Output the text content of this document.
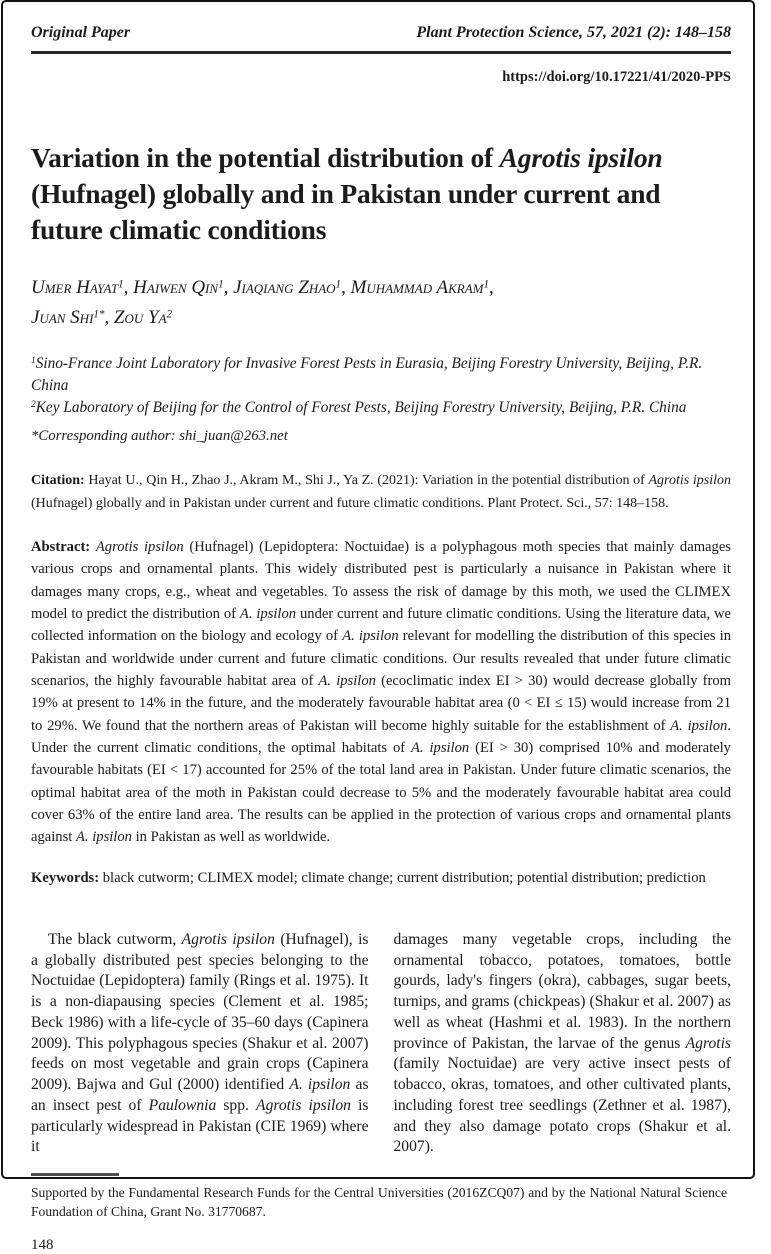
Original Paper	Plant Protection Science, 57, 2021 (2): 148–158
https://doi.org/10.17221/41/2020-PPS
Variation in the potential distribution of Agrotis ipsilon (Hufnagel) globally and in Pakistan under current and future climatic conditions
Umer Hayat$^1$, Haiwen Qin$^1$, Jiaqiang Zhao$^1$, Muhammad Akram$^1$,
Juan Shi$^{1*}$, Zou Ya$^2$

$^1$Sino-France Joint Laboratory for Invasive Forest Pests in Eurasia, Beijing Forestry University, Beijing, P.R. China

$^2$Key Laboratory of Beijing for the Control of Forest Pests, Beijing Forestry University, Beijing, P.R. China

*Corresponding author: shi_juan@263.net
Citation: Hayat U., Qin H., Zhao J., Akram M., Shi J., Ya Z. (2021): Variation in the potential distribution of Agrotis ipsilon (Hufnagel) globally and in Pakistan under current and future climatic conditions. Plant Protect. Sci., 57: 148–158.
Abstract: Agrotis ipsilon (Hufnagel) (Lepidoptera: Noctuidae) is a polyphagous moth species that mainly damages various crops and ornamental plants. This widely distributed pest is particularly a nuisance in Pakistan where it damages many crops, e.g., wheat and vegetables. To assess the risk of damage by this moth, we used the CLIMEX model to predict the distribution of A. ipsilon under current and future climatic conditions. Using the literature data, we collected information on the biology and ecology of A. ipsilon relevant for modelling the distribution of this species in Pakistan and worldwide under current and future climatic conditions. Our results revealed that under future climatic scenarios, the highly favourable habitat area of A. ipsilon (ecoclimatic index EI > 30) would decrease globally from 19% at present to 14% in the future, and the moderately favourable habitat area (0 < EI ≤ 15) would increase from 21 to 29%. We found that the northern areas of Pakistan will become highly suitable for the establishment of A. ipsilon. Under the current climatic conditions, the optimal habitats of A. ipsilon (EI > 30) comprised 10% and moderately favourable habitats (EI < 17) accounted for 25% of the total land area in Pakistan. Under future climatic scenarios, the optimal habitat area of the moth in Pakistan could decrease to 5% and the moderately favourable habitat area could cover 63% of the entire land area. The results can be applied in the protection of various crops and ornamental plants against A. ipsilon in Pakistan as well as worldwide.
Keywords: black cutworm; CLIMEX model; climate change; current distribution; potential distribution; prediction

The black cutworm, Agrotis ipsilon (Hufnagel), is a globally distributed pest species belonging to the Noctuidae (Lepidoptera) family (Rings et al. 1975). It is a non-diapausing species (Clement et al. 1985; Beck 1986) with a life-cycle of 35–60 days (Capinera 2009). This polyphagous species (Shakur et al. 2007) feeds on most vegetable and grain crops (Capinera 2009). Bajwa and Gul (2000) identified A. ipsilon as an insect pest of Paulownia spp. Agrotis ipsilon is particularly widespread in Pakistan (CIE 1969) where it

damages many vegetable crops, including the ornamental tobacco, potatoes, tomatoes, bottle gourds, lady's fingers (okra), cabbages, sugar beets, turnips, and grams (chickpeas) (Shakur et al. 2007) as well as wheat (Hashmi et al. 1983). In the northern province of Pakistan, the larvae of the genus Agrotis (family Noctuidae) are very active insect pests of tobacco, okras, tomatoes, and other cultivated plants, including forest tree seedlings (Zethner et al. 1987), and they also damage potato crops (Shakur et al. 2007).

Supported by the Fundamental Research Funds for the Central Universities (2016ZCQ07) and by the National Natural Science Foundation of China, Grant No. 31770687.
148
